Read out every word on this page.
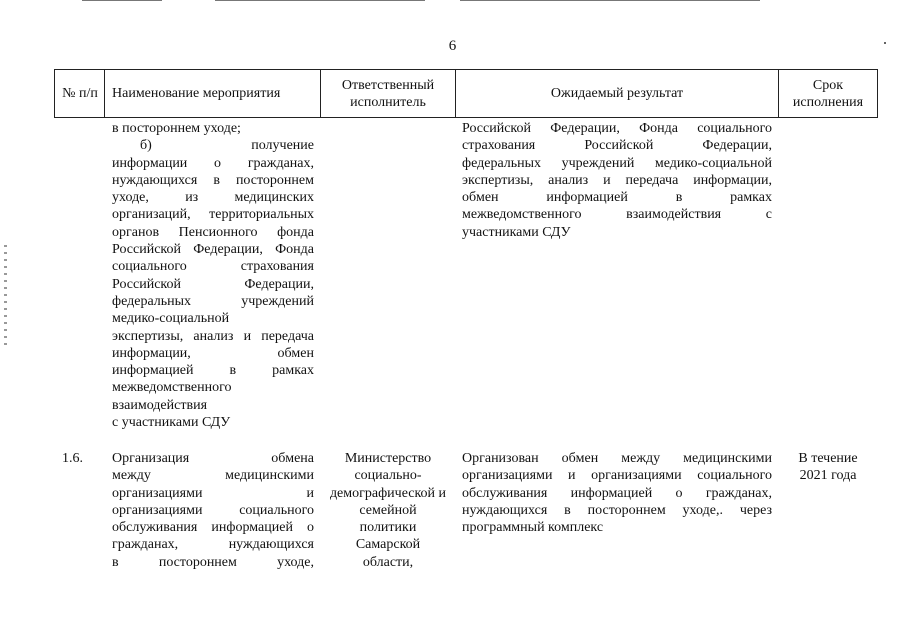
6
№ п/п Наименование мероприятия
Ответственный исполнитель
Ожидаемый результат
Срок исполнения

в постороннем уходе;

б) получение

информации о гражданах,

нуждающихся в постороннем

уходе, из медицинских

организаций, территориальных

органов Пенсионного фонда

Российской Федерации, Фонда

социального страхования

Российской Федерации,

федеральных учреждений

медико-социальной

экспертизы, анализ и передача

информации, обмен

информацией в рамках

межведомственного

взаимодействия

с участниками СДУ

Российской Федерации, Фонда социального

страхования Российской Федерации,

федеральных учреждений медико-социальной

экспертизы, анализ и передача информации,

обмен информацией в рамках

межведомственного взаимодействия с

участниками СДУ

1.6.	Организация обмена

между медицинскими

организациями и

организациями социального

обслуживания информацией о

гражданах, нуждающихся

в постороннем уходе,

Министерство

социально-

демографической и

семейной

политики

Самарской

области,

Организован обмен между медицинскими

организациями и организациями социального

обслуживания информацией о гражданах,

нуждающихся в постороннем уходе,. через

программный комплекс

В течение

2021 года
